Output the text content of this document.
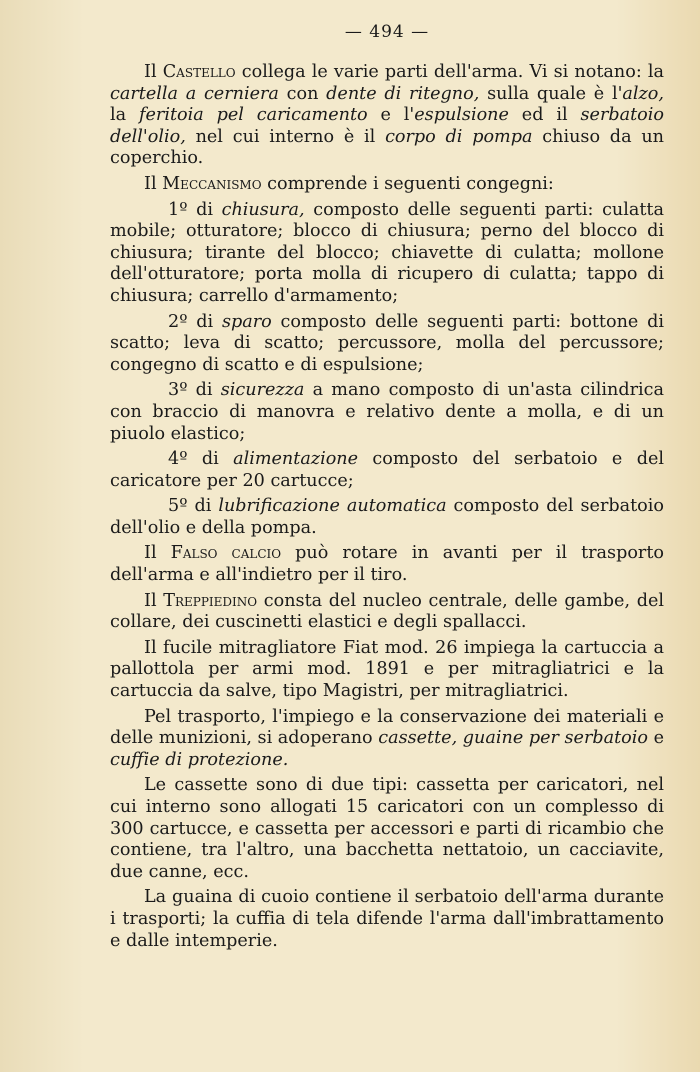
— 494 —

Il Castello collega le varie parti dell'arma. Vi si notano: la cartella a cerniera con dente di ritegno, sulla quale è l'alzo, la feritoia pel caricamento e l'espulsione ed il serbatoio dell'olio, nel cui interno è il corpo di pompa chiuso da un coperchio.

Il Meccanismo comprende i seguenti congegni:

1º di chiusura, composto delle seguenti parti: culatta mobile; otturatore; blocco di chiusura; perno del blocco di chiusura; tirante del blocco; chiavette di culatta; mollone dell'otturatore; porta molla di ricupero di culatta; tappo di chiusura; carrello d'armamento;

2º di sparo composto delle seguenti parti: bottone di scatto; leva di scatto; percussore, molla del percussore; congegno di scatto e di espulsione;

3º di sicurezza a mano composto di un'asta cilindrica con braccio di manovra e relativo dente a molla, e di un piuolo elastico;

4º di alimentazione composto del serbatoio e del caricatore per 20 cartucce;

5º di lubrificazione automatica composto del serbatoio dell'olio e della pompa.

Il Falso calcio può rotare in avanti per il trasporto dell'arma e all'indietro per il tiro.

Il Treppiedino consta del nucleo centrale, delle gambe, del collare, dei cuscinetti elastici e degli spallacci.

Il fucile mitragliatore Fiat mod. 26 impiega la cartuccia a pallottola per armi mod. 1891 e per mitragliatrici e la cartuccia da salve, tipo Magistri, per mitragliatrici.

Pel trasporto, l'impiego e la conservazione dei materiali e delle munizioni, si adoperano cassette, guaine per serbatoio e cuffie di protezione.

Le cassette sono di due tipi: cassetta per caricatori, nel cui interno sono allogati 15 caricatori con un complesso di 300 cartucce, e cassetta per accessori e parti di ricambio che contiene, tra l'altro, una bacchetta nettatoio, un cacciavite, due canne, ecc.

La guaina di cuoio contiene il serbatoio dell'arma durante i trasporti; la cuffia di tela difende l'arma dall'imbrattamento e dalle intemperie.
